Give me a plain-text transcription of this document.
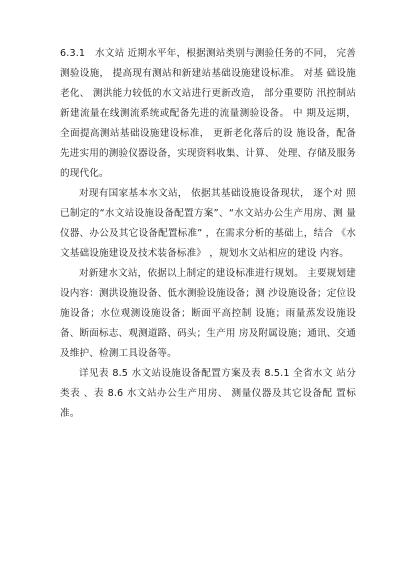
6.3.1　水文站 近期水平年，根据测站类别与测验任务的不同， 完善测验设施， 提高现有测站和新建站基础设施建设标准。 对基 础设施老化、 测洪能力较低的水文站进行更新改造， 部分重要防 汛控制站新建流量在线测流系统或配备先进的流量测验设备。 中 期及远期， 全面提高测站基础设施建设标准， 更新老化落后的设 施设备，配备先进实用的测验仪器设备，实现资料收集、计算、 处理、存储及服务的现代化。

对现有国家基本水文站， 依据其基础设施设备现状， 逐个对 照已制定的“水文站设施设备配置方案”、“水文站办公生产用房、测 量仪器、办公及其它设备配置标准” ，在需求分析的基础上，结合 《水文基础设施建设及技术装备标准》 ，规划水文站相应的建设 内容。

对新建水文站，依据以上制定的建设标准进行规划。 主要规划建设内容：测洪设施设备、低水测验设施设备；测 沙设施设备；定位设施设备；水位观测设施设备；断面平高控制 设施；雨量蒸发设施设备、断面标志、观测道路、码头；生产用 房及附属设施；通讯、交通及维护、检测工具设备等。

详见表 8.5 水文站设施设备配置方案及表 8.5.1 全省水文 站分类表 、表 8.6 水文站办公生产用房、 测量仪器及其它设备配 置标准。
